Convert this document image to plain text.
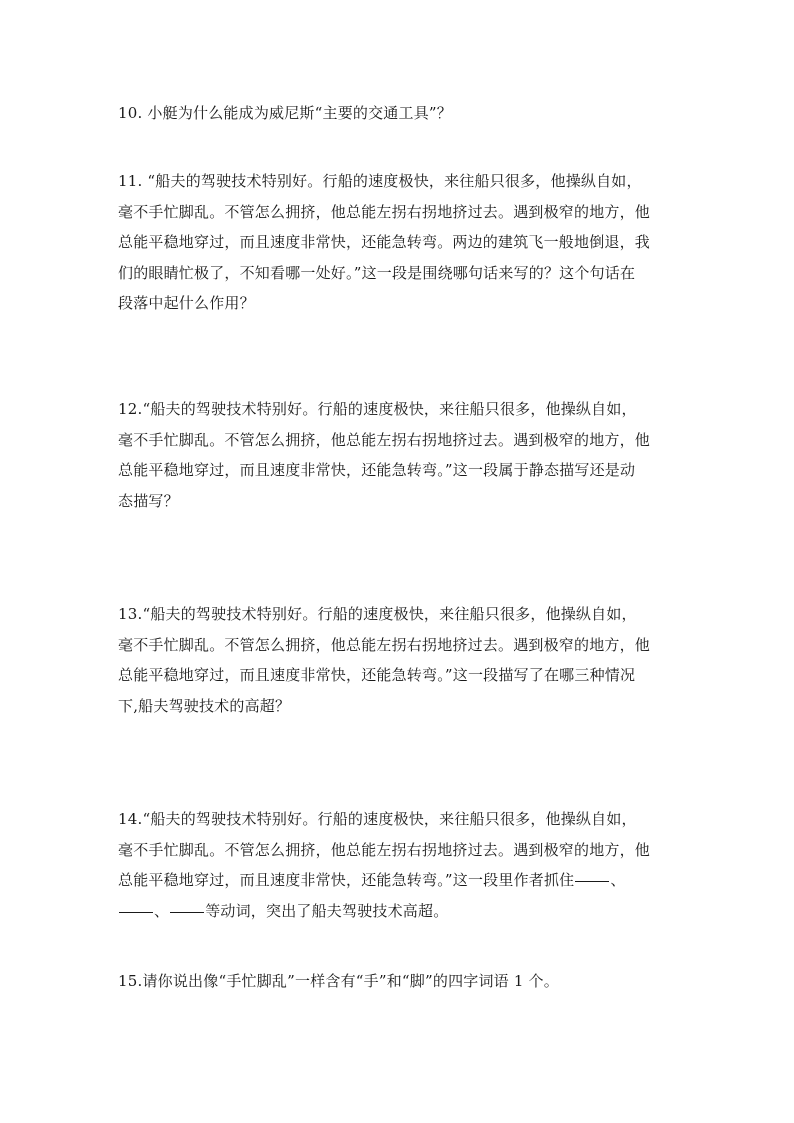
10. 小艇为什么能成为威尼斯“主要的交通工具”？

11. “船夫的驾驶技术特别好。行船的速度极快，来往船只很多，他操纵自如，
毫不手忙脚乱。不管怎么拥挤，他总能左拐右拐地挤过去。遇到极窄的地方，他
总能平稳地穿过，而且速度非常快，还能急转弯。两边的建筑飞一般地倒退，我
们的眼睛忙极了，不知看哪一处好。”这一段是围绕哪句话来写的？这个句话在
段落中起什么作用？

12.“船夫的驾驶技术特别好。行船的速度极快，来往船只很多，他操纵自如，
毫不手忙脚乱。不管怎么拥挤，他总能左拐右拐地挤过去。遇到极窄的地方，他
总能平稳地穿过，而且速度非常快，还能急转弯。”这一段属于静态描写还是动
态描写？

13.“船夫的驾驶技术特别好。行船的速度极快，来往船只很多，他操纵自如，
毫不手忙脚乱。不管怎么拥挤，他总能左拐右拐地挤过去。遇到极窄的地方，他
总能平稳地穿过，而且速度非常快，还能急转弯。”这一段描写了在哪三种情况
下,船夫驾驶技术的高超？

14.“船夫的驾驶技术特别好。行船的速度极快，来往船只很多，他操纵自如，
毫不手忙脚乱。不管怎么拥挤，他总能左拐右拐地挤过去。遇到极窄的地方，他
总能平稳地穿过，而且速度非常快，还能急转弯。”这一段里作者抓住 、
、 等动词，突出了船夫驾驶技术高超。

15.请你说出像“手忙脚乱”一样含有“手”和“脚”的四字词语 1 个。
